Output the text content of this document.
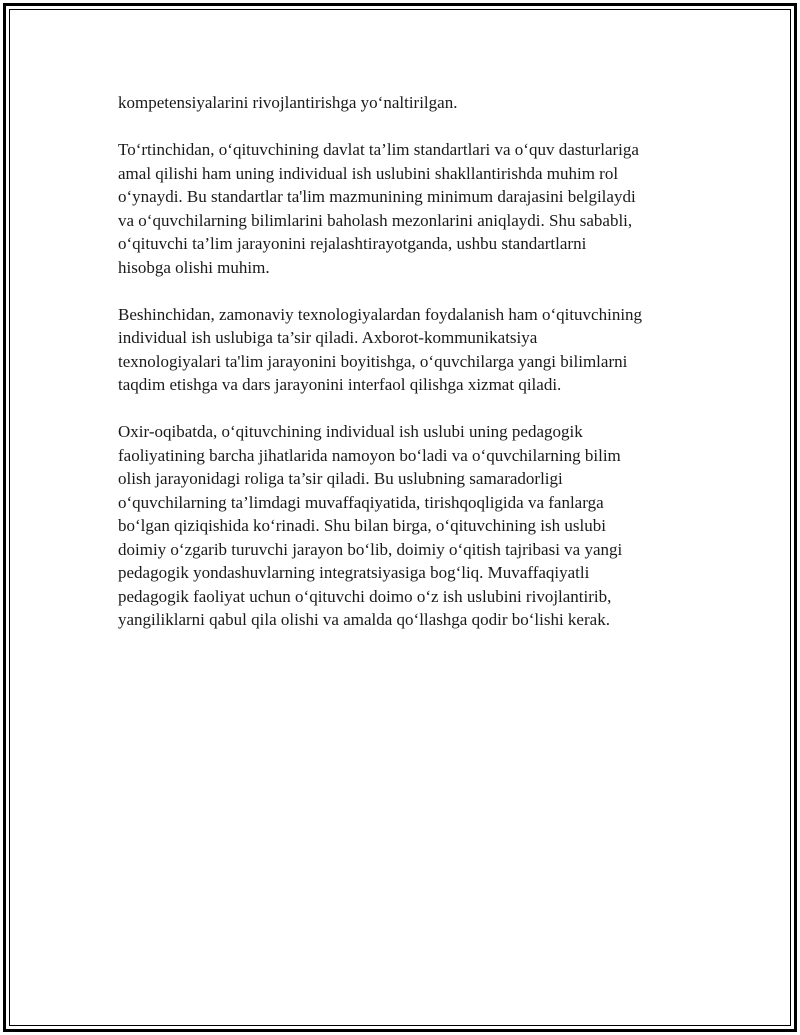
kompetensiyalarini rivojlantirishga yo‘naltirilgan.

To‘rtinchidan, o‘qituvchining davlat ta’lim standartlari va o‘quv dasturlariga
amal qilishi ham uning individual ish uslubini shakllantirishda muhim rol
o‘ynaydi. Bu standartlar ta'lim mazmunining minimum darajasini belgilaydi
va o‘quvchilarning bilimlarini baholash mezonlarini aniqlaydi. Shu sababli,
o‘qituvchi ta’lim jarayonini rejalashtirayotganda, ushbu standartlarni
hisobga olishi muhim.

Beshinchidan, zamonaviy texnologiyalardan foydalanish ham o‘qituvchining
individual ish uslubiga ta’sir qiladi. Axborot-kommunikatsiya
texnologiyalari ta'lim jarayonini boyitishga, o‘quvchilarga yangi bilimlarni
taqdim etishga va dars jarayonini interfaol qilishga xizmat qiladi.

Oxir-oqibatda, o‘qituvchining individual ish uslubi uning pedagogik
faoliyatining barcha jihatlarida namoyon bo‘ladi va o‘quvchilarning bilim
olish jarayonidagi roliga ta’sir qiladi. Bu uslubning samaradorligi
o‘quvchilarning ta’limdagi muvaffaqiyatida, tirishqoqligida va fanlarga
bo‘lgan qiziqishida ko‘rinadi. Shu bilan birga, o‘qituvchining ish uslubi
doimiy o‘zgarib turuvchi jarayon bo‘lib, doimiy o‘qitish tajribasi va yangi
pedagogik yondashuvlarning integratsiyasiga bog‘liq. Muvaffaqiyatli
pedagogik faoliyat uchun o‘qituvchi doimo o‘z ish uslubini rivojlantirib,
yangiliklarni qabul qila olishi va amalda qo‘llashga qodir bo‘lishi kerak.
